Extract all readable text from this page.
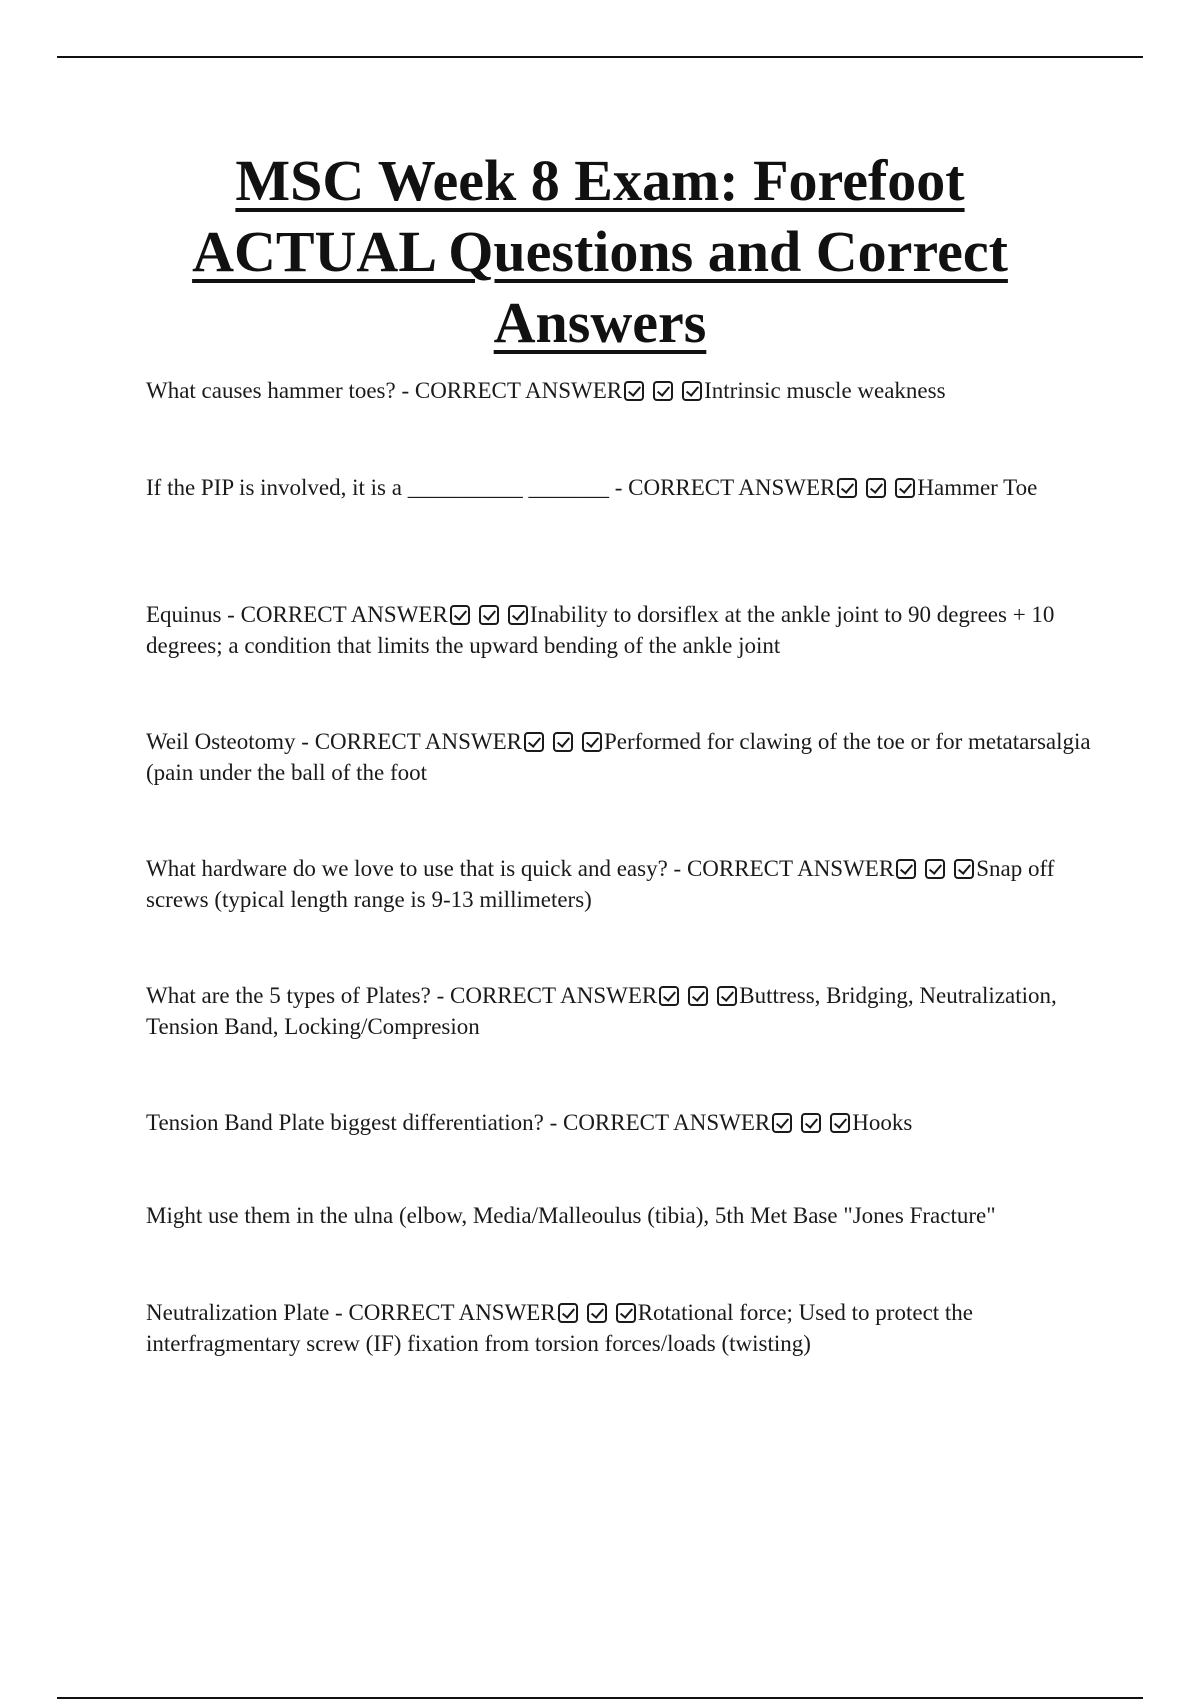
MSC Week 8 Exam: Forefoot
ACTUAL Questions and Correct
Answers
What causes hammer toes? - CORRECT ANSWER	Intrinsic muscle weakness
If the PIP is involved, it is a __________ _______ - CORRECT ANSWER	Hammer Toe
Equinus - CORRECT ANSWER	Inability to dorsiflex at the ankle joint to 90 degrees + 10 degrees; a condition that limits the upward bending of the ankle joint
Weil Osteotomy - CORRECT ANSWER	Performed for clawing of the toe or for metatarsalgia (pain under the ball of the foot
What hardware do we love to use that is quick and easy? - CORRECT ANSWER	Snap off screws (typical length range is 9-13 millimeters)
What are the 5 types of Plates? - CORRECT ANSWER	Buttress, Bridging, Neutralization, Tension Band, Locking/Compresion
Tension Band Plate biggest differentiation? - CORRECT ANSWER	Hooks
Might use them in the ulna (elbow, Media/Malleoulus (tibia), 5th Met Base "Jones Fracture"
Neutralization Plate - CORRECT ANSWER	Rotational force; Used to protect the interfragmentary screw (IF) fixation from torsion forces/loads (twisting)
